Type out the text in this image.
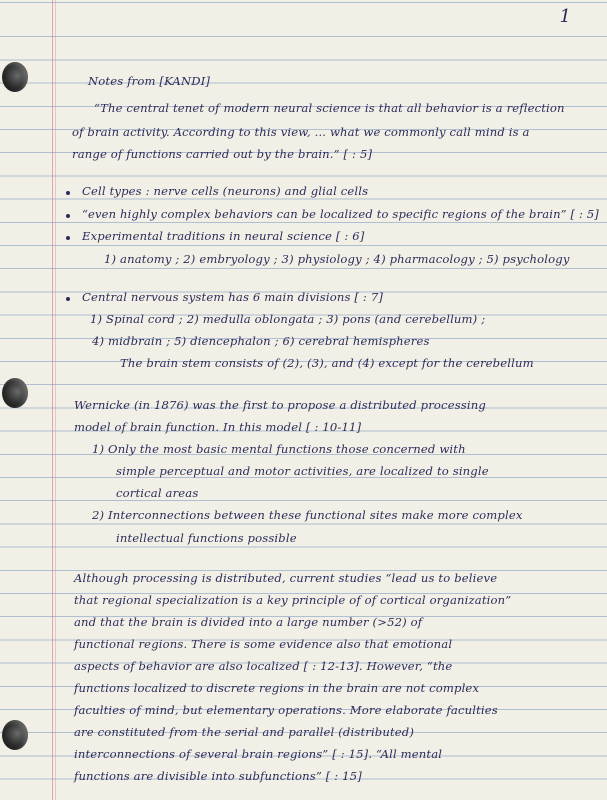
1
Notes from [KANDI]
“The central tenet of modern neural science is that all behavior is a reflection
of brain activity. According to this view, ... what we commonly call mind is a
range of functions carried out by the brain.” [ : 5]
Cell types : nerve cells (neurons) and glial cells
“even highly complex behaviors can be localized to specific regions of the brain” [ : 5]
Experimental traditions in neural science [ : 6]
1) anatomy ; 2) embryology ; 3) physiology ; 4) pharmacology ; 5) psychology
Central nervous system has 6 main divisions [ : 7]
1) Spinal cord ; 2) medulla oblongata ; 3) pons (and cerebellum) ;
4) midbrain ; 5) diencephalon ; 6) cerebral hemispheres
The brain stem consists of (2), (3), and (4) except for the cerebellum
Wernicke (in 1876) was the first to propose a distributed processing
model of brain function. In this model [ : 10-11]
1) Only the most basic mental functions those concerned with
simple perceptual and motor activities, are localized to single
cortical areas
2) Interconnections between these functional sites make more complex
intellectual functions possible
Although processing is distributed, current studies “lead us to believe
that regional specialization is a key principle of of cortical organization”
and that the brain is divided into a large number (>52) of
functional regions. There is some evidence also that emotional
aspects of behavior are also localized [ : 12-13]. However, “the
functions localized to discrete regions in the brain are not complex
faculties of mind, but elementary operations. More elaborate faculties
are constituted from the serial and parallel (distributed)
interconnections of several brain regions” [ : 15]. “All mental
functions are divisible into subfunctions” [ : 15]
